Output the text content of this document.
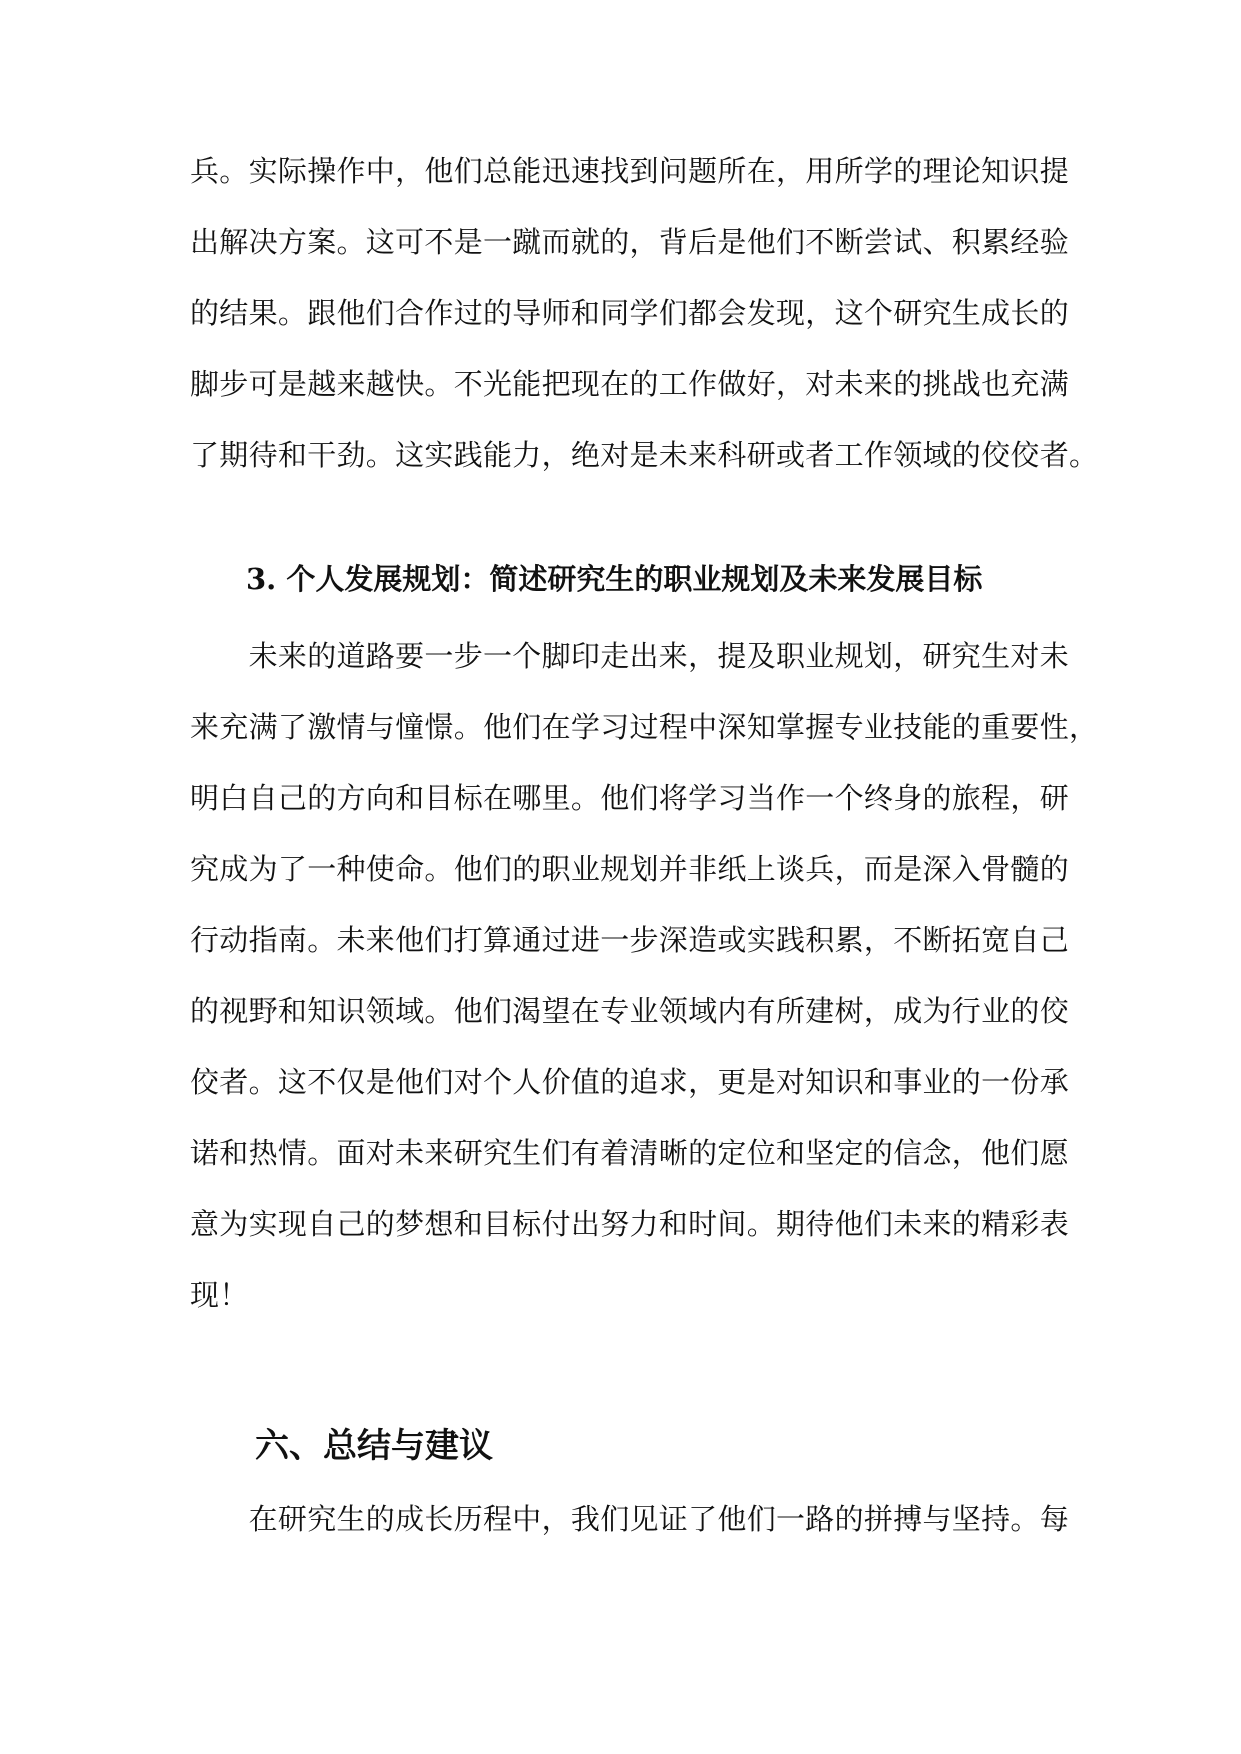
兵。实际操作中，他们总能迅速找到问题所在，用所学的理论知识提
出解决方案。这可不是一蹴而就的，背后是他们不断尝试、积累经验
的结果。跟他们合作过的导师和同学们都会发现，这个研究生成长的
脚步可是越来越快。不光能把现在的工作做好，对未来的挑战也充满
了期待和干劲。这实践能力，绝对是未来科研或者工作领域的佼佼者。
3. 个人发展规划：简述研究生的职业规划及未来发展目标
　　未来的道路要一步一个脚印走出来，提及职业规划，研究生对未
来充满了激情与憧憬。他们在学习过程中深知掌握专业技能的重要性，
明白自己的方向和目标在哪里。他们将学习当作一个终身的旅程，研
究成为了一种使命。他们的职业规划并非纸上谈兵，而是深入骨髓的
行动指南。未来他们打算通过进一步深造或实践积累，不断拓宽自己
的视野和知识领域。他们渴望在专业领域内有所建树，成为行业的佼
佼者。这不仅是他们对个人价值的追求，更是对知识和事业的一份承
诺和热情。面对未来研究生们有着清晰的定位和坚定的信念，他们愿
意为实现自己的梦想和目标付出努力和时间。期待他们未来的精彩表
现！
六、总结与建议
　　在研究生的成长历程中，我们见证了他们一路的拼搏与坚持。每
